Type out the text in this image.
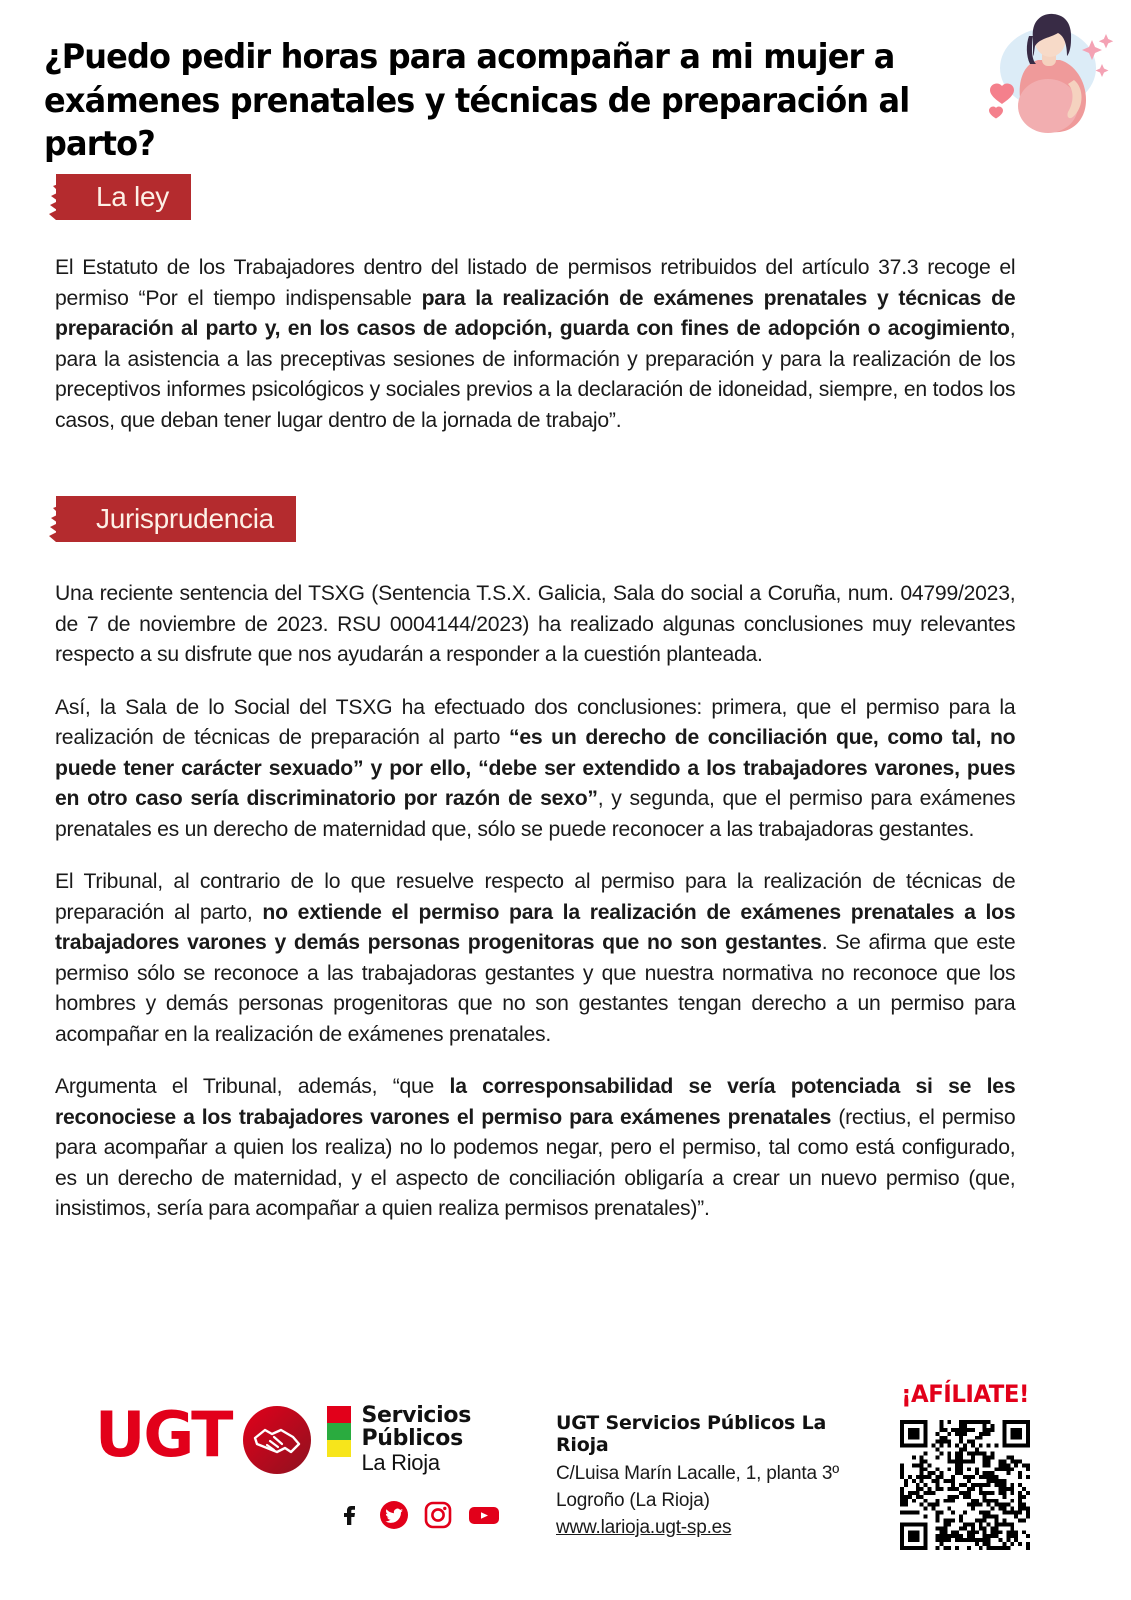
¿Puedo pedir horas para acompañar a mi mujer a
exámenes prenatales y técnicas de preparación al parto?
La ley

El Estatuto de los Trabajadores dentro del listado de permisos retribuidos del artículo 37.3 recoge el permiso “Por el tiempo indispensable para la realización de exámenes prenatales y técnicas de preparación al parto y, en los casos de adopción, guarda con fines de adopción o acogimiento, para la asistencia a las preceptivas sesiones de información y preparación y para la realización de los preceptivos informes psicológicos y sociales previos a la declaración de idoneidad, siempre, en todos los casos, que deban tener lugar dentro de la jornada de trabajo”.

Jurisprudencia

Una reciente sentencia del TSXG (Sentencia T.S.X. Galicia, Sala do social a Coruña, num. 04799/2023, de 7 de noviembre de 2023. RSU 0004144/2023) ha realizado algunas conclusiones muy relevantes respecto a su disfrute que nos ayudarán a responder a la cuestión planteada.

Así, la Sala de lo Social del TSXG ha efectuado dos conclusiones: primera, que el permiso para la realización de técnicas de preparación al parto “es un derecho de conciliación que, como tal, no puede tener carácter sexuado” y por ello, “debe ser extendido a los trabajadores varones, pues en otro caso sería discriminatorio por razón de sexo”, y segunda, que el permiso para exámenes prenatales es un derecho de maternidad que, sólo se puede reconocer a las trabajadoras gestantes.

El Tribunal, al contrario de lo que resuelve respecto al permiso para la realización de técnicas de preparación al parto, no extiende el permiso para la realización de exámenes prenatales a los trabajadores varones y demás personas progenitoras que no son gestantes. Se afirma que este permiso sólo se reconoce a las trabajadoras gestantes y que nuestra normativa no reconoce que los hombres y demás personas progenitoras que no son gestantes tengan derecho a un permiso para acompañar en la realización de exámenes prenatales.

Argumenta el Tribunal, además, “que la corresponsabilidad se vería potenciada si se les reconociese a los trabajadores varones el permiso para exámenes prenatales (rectius, el permiso para acompañar a quien los realiza) no lo podemos negar, pero el permiso, tal como está configurado, es un derecho de maternidad, y el aspecto de conciliación obligaría a crear un nuevo permiso (que, insistimos, sería para acompañar a quien realiza permisos prenatales)”.

UGT	Servicios
Públicos
La Rioja
UGT Servicios Públicos La Rioja
C/Luisa Marín Lacalle, 1, planta 3º
Logroño (La Rioja)
www.larioja.ugt-sp.es
¡AFÍLIATE!
